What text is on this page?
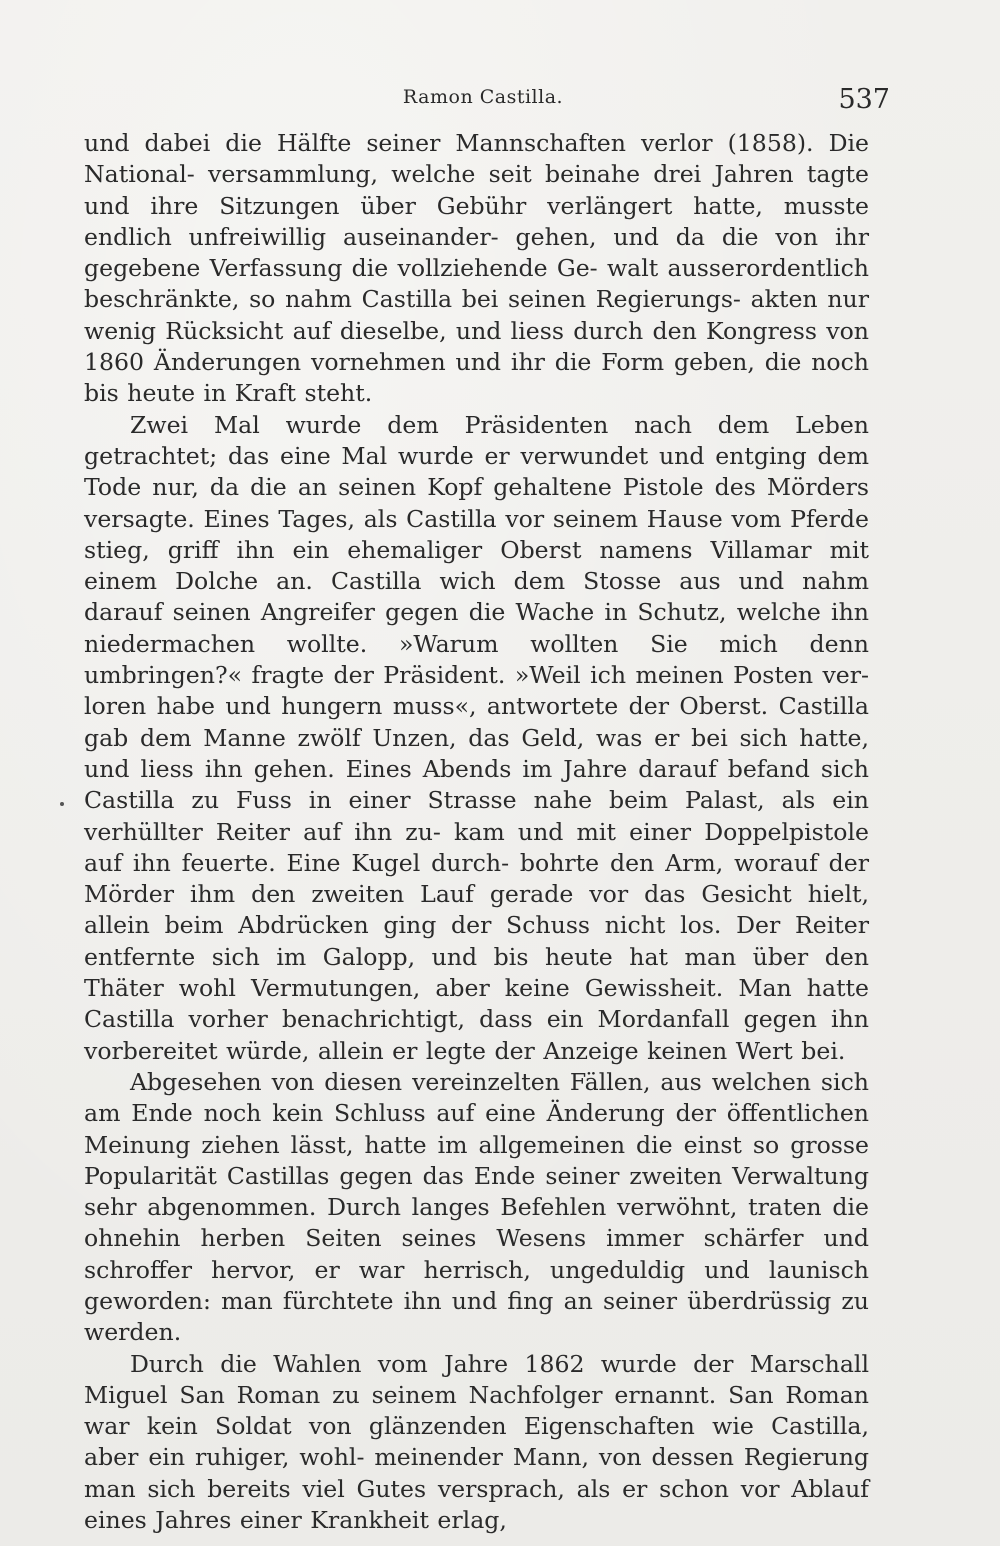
Ramon Castilla.	537

und dabei die Hälfte seiner Mannschaften verlor (1858). Die National- versammlung, welche seit beinahe drei Jahren tagte und ihre Sitzungen über Gebühr verlängert hatte, musste endlich unfreiwillig auseinander- gehen, und da die von ihr gegebene Verfassung die vollziehende Ge- walt ausserordentlich beschränkte, so nahm Castilla bei seinen Regierungs- akten nur wenig Rücksicht auf dieselbe, und liess durch den Kongress von 1860 Änderungen vornehmen und ihr die Form geben, die noch bis heute in Kraft steht.

Zwei Mal wurde dem Präsidenten nach dem Leben getrachtet; das eine Mal wurde er verwundet und entging dem Tode nur, da die an seinen Kopf gehaltene Pistole des Mörders versagte. Eines Tages, als Castilla vor seinem Hause vom Pferde stieg, griff ihn ein ehemaliger Oberst namens Villamar mit einem Dolche an. Castilla wich dem Stosse aus und nahm darauf seinen Angreifer gegen die Wache in Schutz, welche ihn niedermachen wollte. »Warum wollten Sie mich denn umbringen?« fragte der Präsident. »Weil ich meinen Posten ver- loren habe und hungern muss«, antwortete der Oberst. Castilla gab dem Manne zwölf Unzen, das Geld, was er bei sich hatte, und liess ihn gehen. Eines Abends im Jahre darauf befand sich Castilla zu Fuss in einer Strasse nahe beim Palast, als ein verhüllter Reiter auf ihn zu- kam und mit einer Doppelpistole auf ihn feuerte. Eine Kugel durch- bohrte den Arm, worauf der Mörder ihm den zweiten Lauf gerade vor das Gesicht hielt, allein beim Abdrücken ging der Schuss nicht los. Der Reiter entfernte sich im Galopp, und bis heute hat man über den Thäter wohl Vermutungen, aber keine Gewissheit. Man hatte Castilla vorher benachrichtigt, dass ein Mordanfall gegen ihn vorbereitet würde, allein er legte der Anzeige keinen Wert bei.

Abgesehen von diesen vereinzelten Fällen, aus welchen sich am Ende noch kein Schluss auf eine Änderung der öffentlichen Meinung ziehen lässt, hatte im allgemeinen die einst so grosse Popularität Castillas gegen das Ende seiner zweiten Verwaltung sehr abgenommen. Durch langes Befehlen verwöhnt, traten die ohnehin herben Seiten seines Wesens immer schärfer und schroffer hervor, er war herrisch, ungeduldig und launisch geworden: man fürchtete ihn und fing an seiner überdrüssig zu werden.

Durch die Wahlen vom Jahre 1862 wurde der Marschall Miguel San Roman zu seinem Nachfolger ernannt. San Roman war kein Soldat von glänzenden Eigenschaften wie Castilla, aber ein ruhiger, wohl- meinender Mann, von dessen Regierung man sich bereits viel Gutes versprach, als er schon vor Ablauf eines Jahres einer Krankheit erlag,
